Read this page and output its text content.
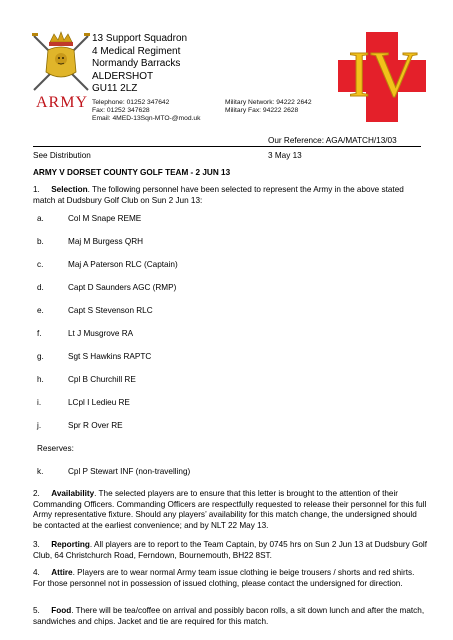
ARMY
13 Support Squadron
4 Medical Regiment
Normandy Barracks
ALDERSHOT
GU11 2LZ
Telephone: 01252 347642	Military Network: 94222 2642
Fax: 01252 347628	Military Fax: 94222 2628
Email: 4MED-13Sqn-MTO-@mod.uk
IV
Our Reference: AGA/MATCH/13/03
See Distribution	3 May 13
ARMY V DORSET COUNTY GOLF TEAM - 2 JUN 13
1. Selection. The following personnel have been selected to represent the Army in the above stated match at Dudsbury Golf Club on Sun 2 Jun 13:
a.	Col M Snape REME
b.	Maj M Burgess QRH
c.	Maj A Paterson RLC (Captain)
d.	Capt D Saunders AGC (RMP)
e.	Capt S Stevenson RLC
f.	Lt J Musgrove RA
g.	Sgt S Hawkins RAPTC
h.	Cpl B Churchill RE
i.	LCpl I Ledieu RE
j.	Spr R Over RE
Reserves:
k.	Cpl P Stewart INF (non-travelling)
2. Availability. The selected players are to ensure that this letter is brought to the attention of their Commanding Officers. Commanding Officers are respectfully requested to release their personnel for this full Army representative fixture. Should any players’ availability for this match change, the undersigned should be contacted at the earliest convenience; and by NLT 22 May 13.
3. Reporting. All players are to report to the Team Captain, by 0745 hrs on Sun 2 Jun 13 at Dudsbury Golf Club, 64 Christchurch Road, Ferndown, Bournemouth, BH22 8ST.
4. Attire. Players are to wear normal Army team issue clothing ie beige trousers / shorts and red shirts. For those personnel not in possession of issued clothing, please contact the undersigned for direction.
5. Food. There will be tea/coffee on arrival and possibly bacon rolls, a sit down lunch and after the match, sandwiches and chips. Jacket and tie are required for this match.
